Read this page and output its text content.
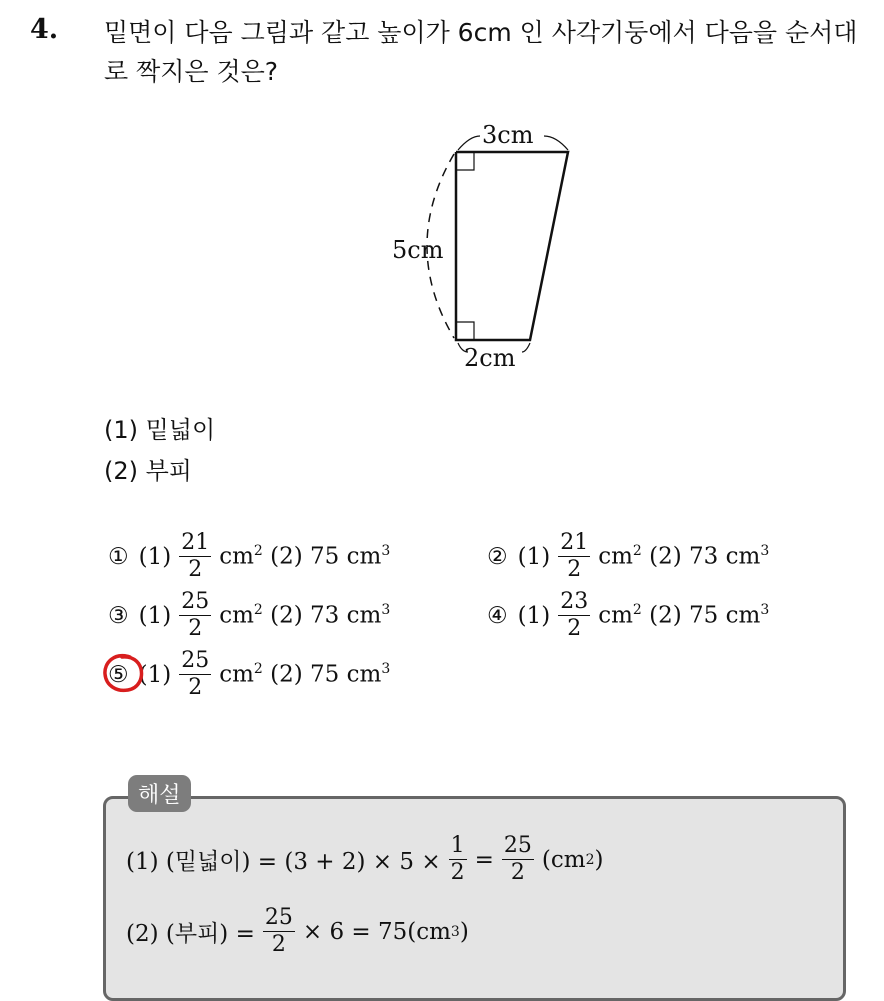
4. 밑면이 다음 그림과 같고 높이가 6cm 인 사각기둥에서 다음을 순서대로 짝지은 것은?
3cm
5cm
2cm
(1) 밑넓이
(2) 부피
① $(1) \frac{21}{2} cm^2$
(2) 75 $cm^3$	② $(1) \frac{21}{2} cm^2$
(2) 73 $cm^3$
③ $(1) \frac{25}{2} cm^2$
(2) 73 $cm^3$	④ $(1) \frac{23}{2} cm^2$
(2) 75 $cm^3$
⑤ $(1) \frac{25}{2} cm^2$
(2) 75 $cm^3$
해설
(1) (밑넓이) = $(3 + 2) \times 5 \times \frac{1}{2} = \frac{25}{2} (cm$ 2 )
(2) (부피) = $\frac{25}{2} \times 6 = 75(cm$ 3 )
